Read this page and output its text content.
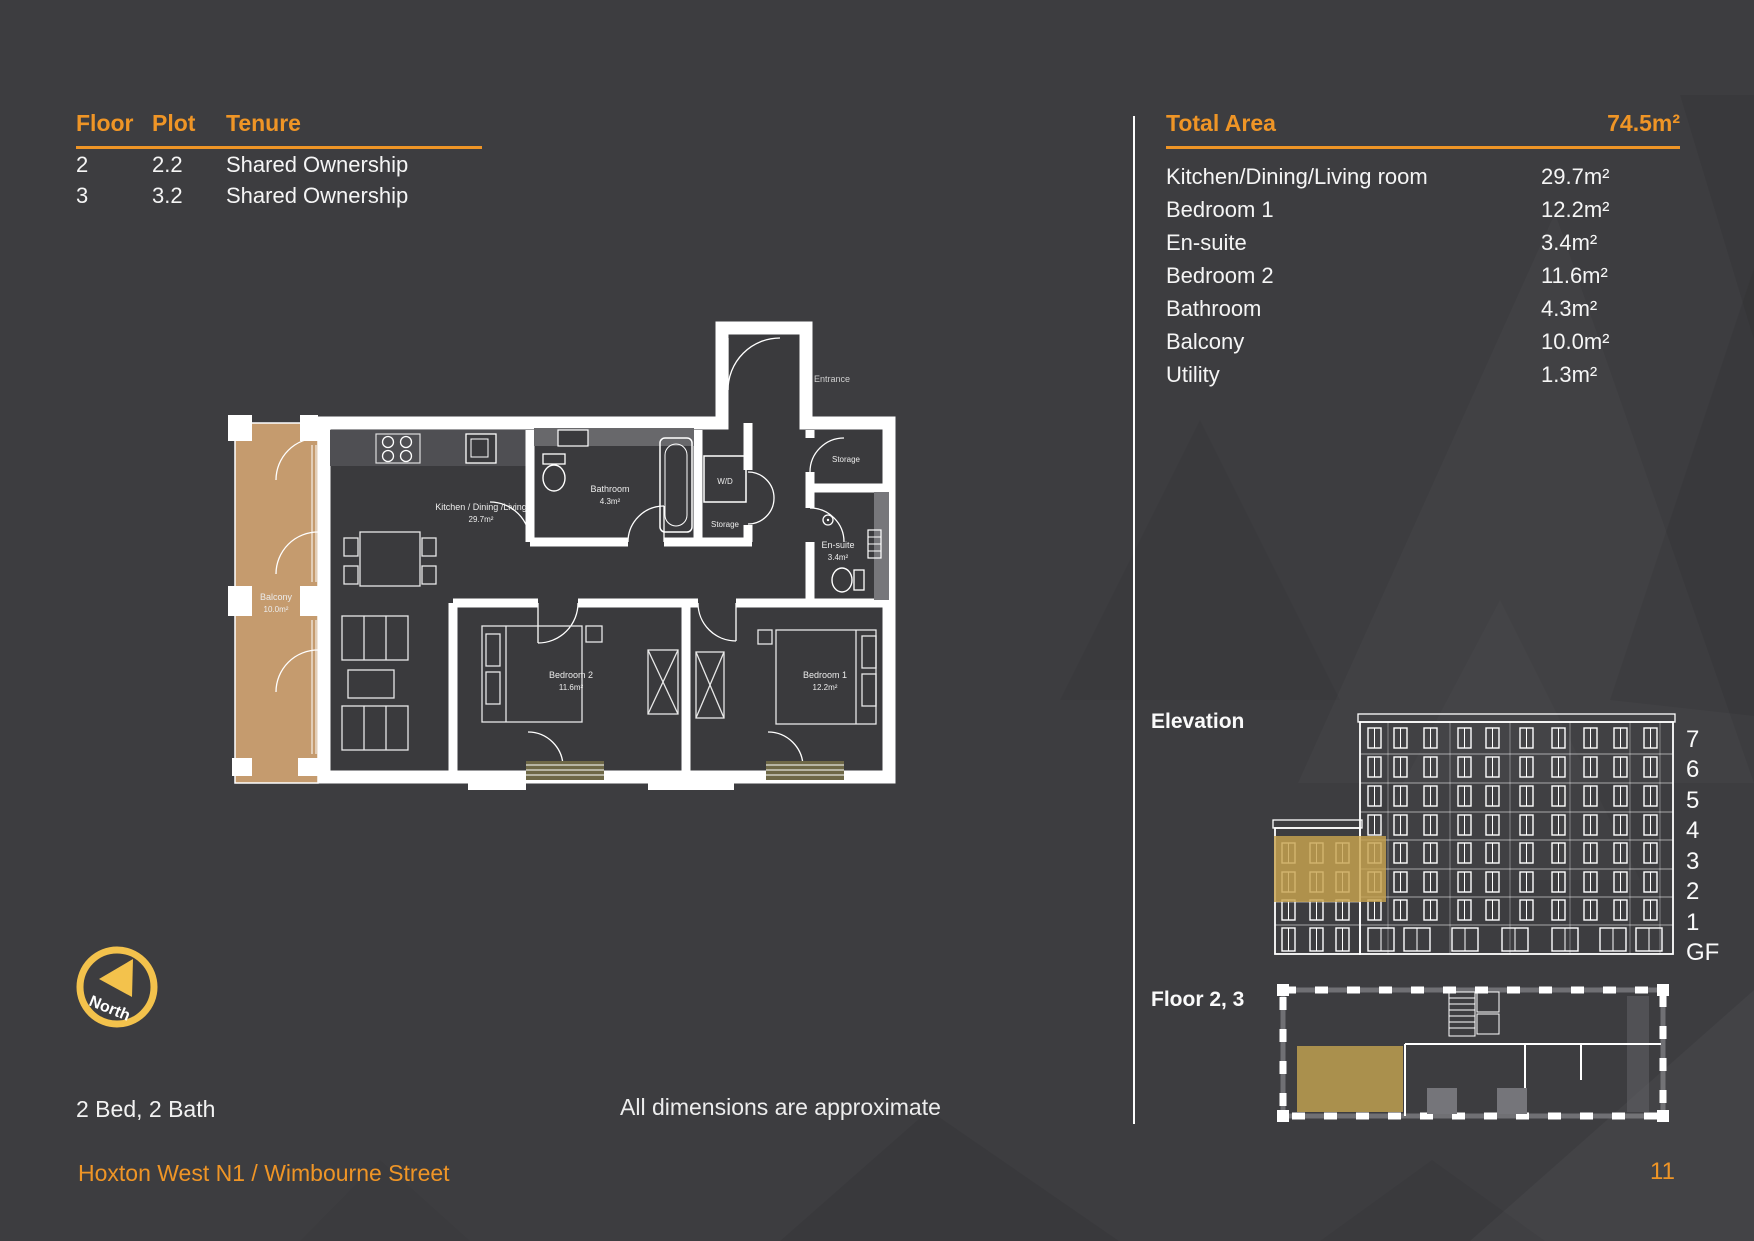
Floor Plot	Tenure
2	2.2	Shared Ownership
3	3.2	Shared Ownership
Total Area	74.5m²
Kitchen/Dining/Living room	29.7m²
Bedroom 1	12.2m²
En-suite	3.4m²
Bedroom 2	11.6m²
Bathroom	4.3m²
Balcony	10.0m²
Utility	1.3m²
Kitchen / Dining /Living
29.7m²
Bathroom
4.3m²
W/D
Storage
Storage
En-suite
3.4m²
Bedroom 2
11.6m²
Bedroom 1
12.2m²
Balcony
10.0m²
Entrance
North
Elevation
7
6
5
4
3
2
1
GF
Floor 2, 3
2 Bed, 2 Bath	All dimensions are approximate
Hoxton West N1 / Wimbourne Street	11
